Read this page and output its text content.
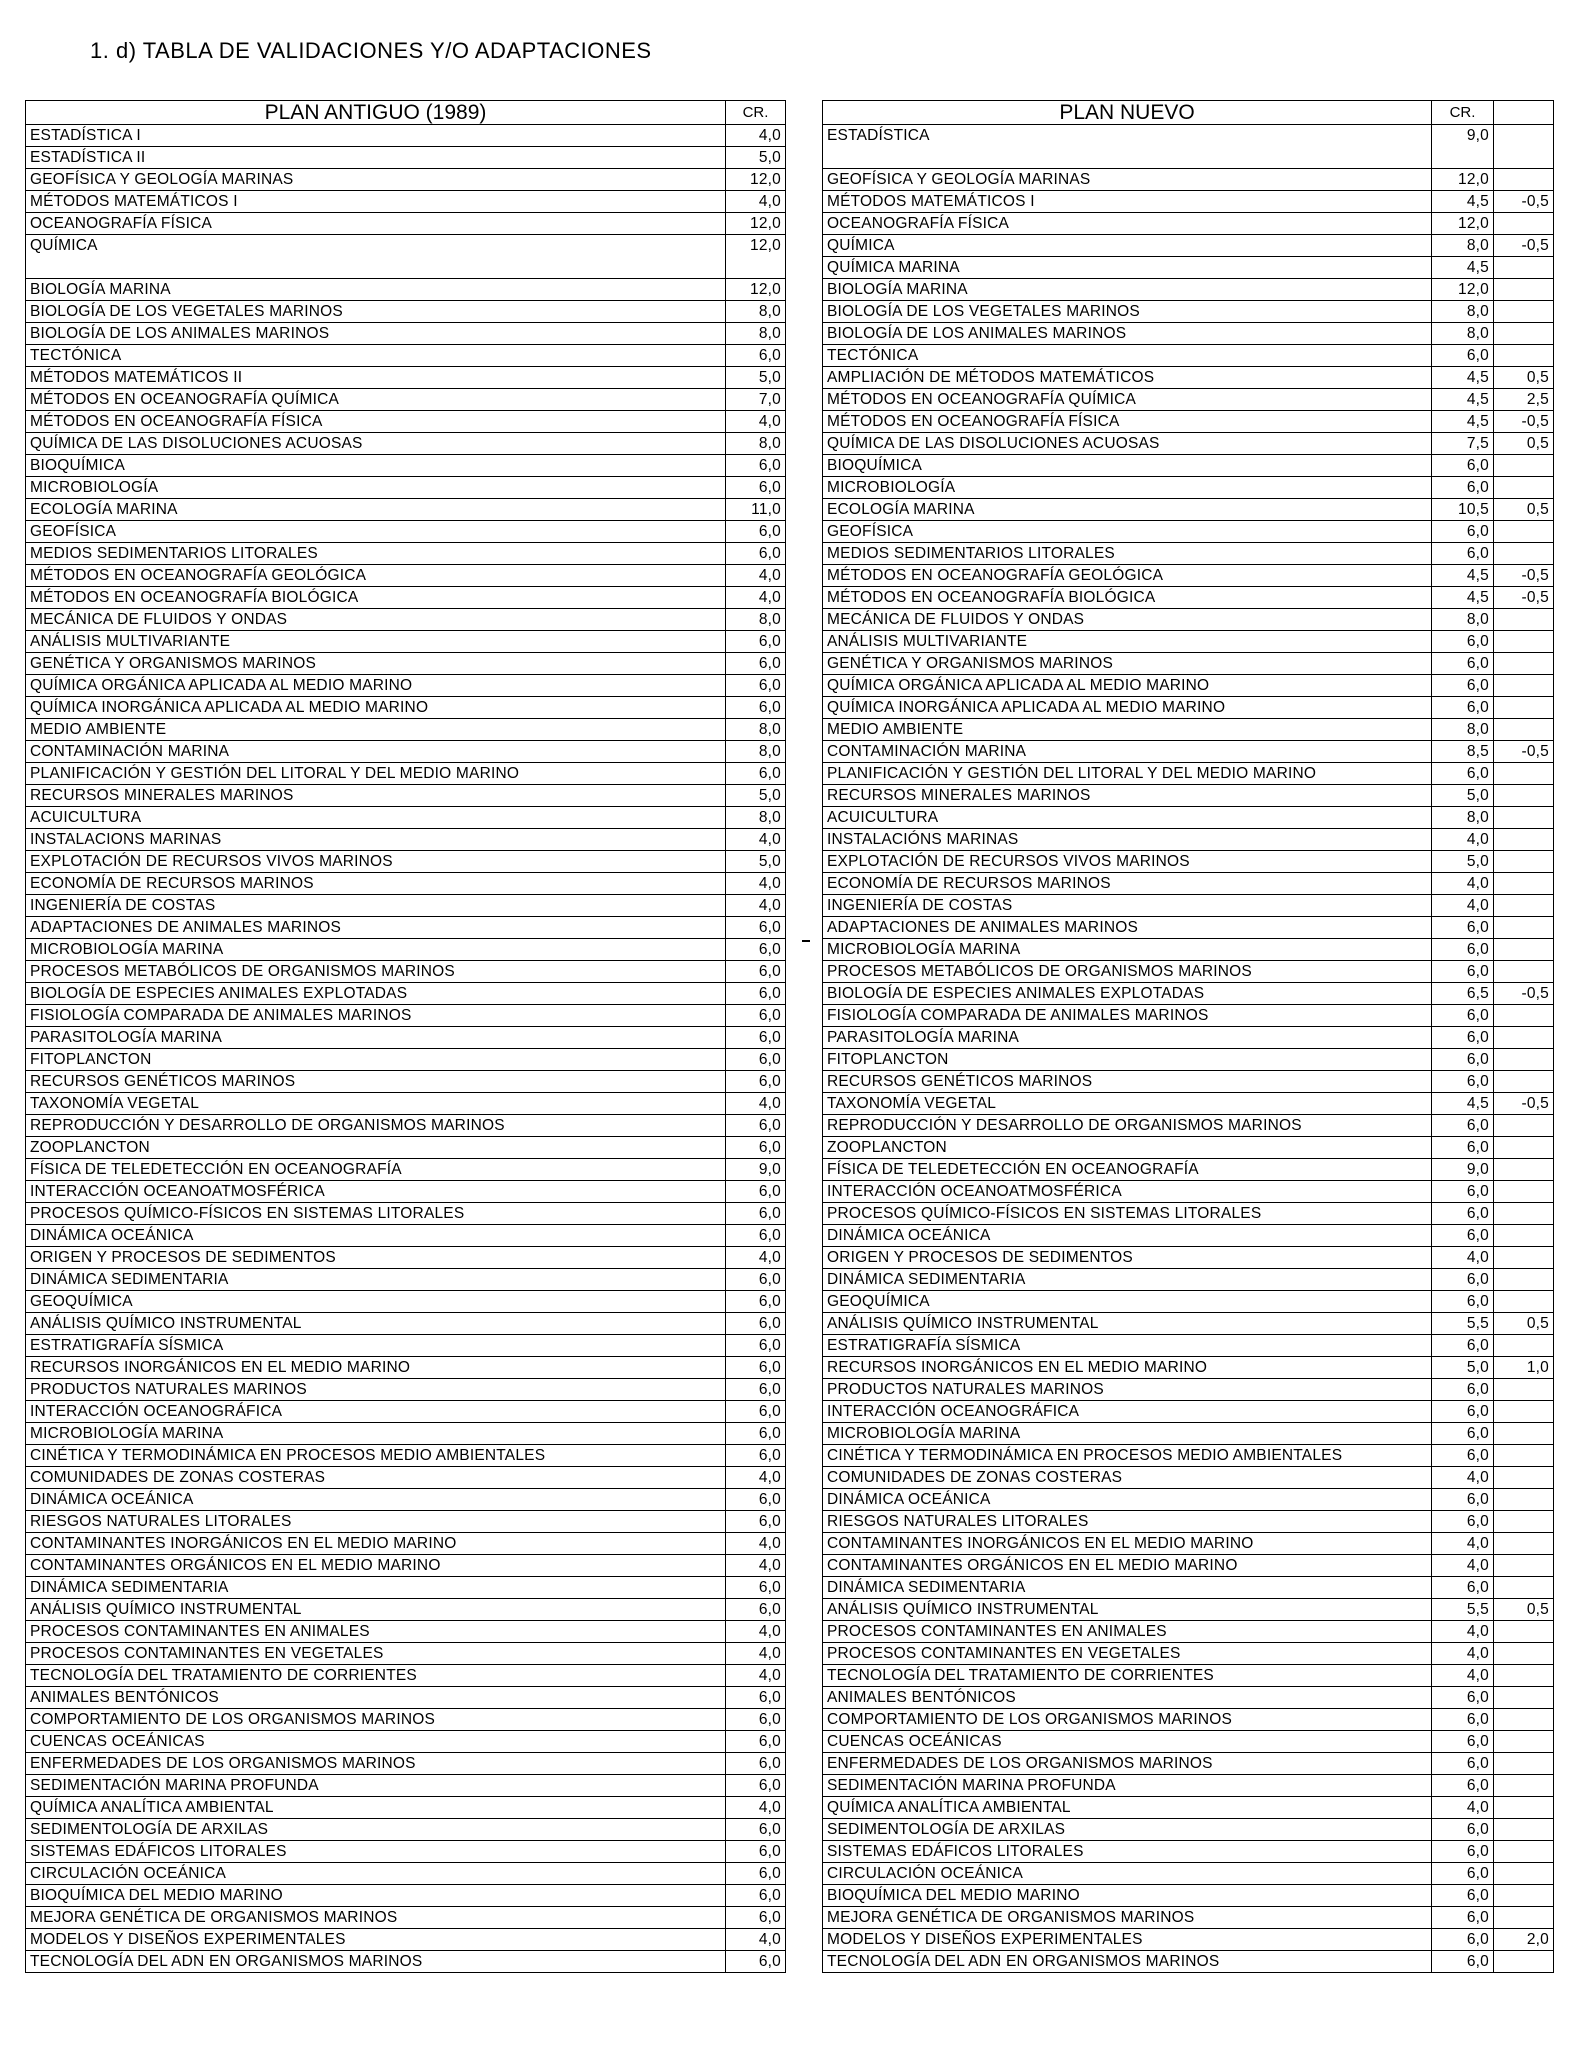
1. d) TABLA DE VALIDACIONES Y/O ADAPTACIONES
PLAN ANTIGUO (1989)	CR.
ESTADÍSTICA I	4,0
ESTADÍSTICA II	5,0
GEOFÍSICA Y GEOLOGÍA MARINAS	12,0
MÉTODOS MATEMÁTICOS I	4,0
OCEANOGRAFÍA FÍSICA	12,0
QUÍMICA	12,0
BIOLOGÍA MARINA	12,0
BIOLOGÍA DE LOS VEGETALES MARINOS	8,0
BIOLOGÍA DE LOS ANIMALES MARINOS	8,0
TECTÓNICA	6,0
MÉTODOS MATEMÁTICOS II	5,0
MÉTODOS EN OCEANOGRAFÍA QUÍMICA	7,0
MÉTODOS EN OCEANOGRAFÍA FÍSICA	4,0
QUÍMICA DE LAS DISOLUCIONES ACUOSAS	8,0
BIOQUÍMICA	6,0
MICROBIOLOGÍA	6,0
ECOLOGÍA MARINA	11,0
GEOFÍSICA	6,0
MEDIOS SEDIMENTARIOS LITORALES	6,0
MÉTODOS EN OCEANOGRAFÍA GEOLÓGICA	4,0
MÉTODOS EN OCEANOGRAFÍA BIOLÓGICA	4,0
MECÁNICA DE FLUIDOS Y ONDAS	8,0
ANÁLISIS MULTIVARIANTE	6,0
GENÉTICA Y ORGANISMOS MARINOS	6,0
QUÍMICA ORGÁNICA APLICADA AL MEDIO MARINO	6,0
QUÍMICA INORGÁNICA APLICADA AL MEDIO MARINO	6,0
MEDIO AMBIENTE	8,0
CONTAMINACIÓN MARINA	8,0
PLANIFICACIÓN Y GESTIÓN DEL LITORAL Y DEL MEDIO MARINO	6,0
RECURSOS MINERALES MARINOS	5,0
ACUICULTURA	8,0
INSTALACIONS MARINAS	4,0
EXPLOTACIÓN DE RECURSOS VIVOS MARINOS	5,0
ECONOMÍA DE RECURSOS MARINOS	4,0
INGENIERÍA DE COSTAS	4,0
ADAPTACIONES DE ANIMALES MARINOS	6,0
MICROBIOLOGÍA MARINA	6,0
PROCESOS METABÓLICOS DE ORGANISMOS MARINOS	6,0
BIOLOGÍA DE ESPECIES ANIMALES EXPLOTADAS	6,0
FISIOLOGÍA COMPARADA DE ANIMALES MARINOS	6,0
PARASITOLOGÍA MARINA	6,0
FITOPLANCTON	6,0
RECURSOS GENÉTICOS MARINOS	6,0
TAXONOMÍA VEGETAL	4,0
REPRODUCCIÓN Y DESARROLLO DE ORGANISMOS MARINOS	6,0
ZOOPLANCTON	6,0
FÍSICA DE TELEDETECCIÓN EN OCEANOGRAFÍA	9,0
INTERACCIÓN OCEANOATMOSFÉRICA	6,0
PROCESOS QUÍMICO-FÍSICOS EN SISTEMAS LITORALES	6,0
DINÁMICA OCEÁNICA	6,0
ORIGEN Y PROCESOS DE SEDIMENTOS	4,0
DINÁMICA SEDIMENTARIA	6,0
GEOQUÍMICA	6,0
ANÁLISIS QUÍMICO INSTRUMENTAL	6,0
ESTRATIGRAFÍA SÍSMICA	6,0
RECURSOS INORGÁNICOS EN EL MEDIO MARINO	6,0
PRODUCTOS NATURALES MARINOS	6,0
INTERACCIÓN OCEANOGRÁFICA	6,0
MICROBIOLOGÍA MARINA	6,0
CINÉTICA Y TERMODINÁMICA EN PROCESOS MEDIO AMBIENTALES	6,0
COMUNIDADES DE ZONAS COSTERAS	4,0
DINÁMICA OCEÁNICA	6,0
RIESGOS NATURALES LITORALES	6,0
CONTAMINANTES INORGÁNICOS EN EL MEDIO MARINO	4,0
CONTAMINANTES ORGÁNICOS EN EL MEDIO MARINO	4,0
DINÁMICA SEDIMENTARIA	6,0
ANÁLISIS QUÍMICO INSTRUMENTAL	6,0
PROCESOS CONTAMINANTES EN ANIMALES	4,0
PROCESOS CONTAMINANTES EN VEGETALES	4,0
TECNOLOGÍA DEL TRATAMIENTO DE CORRIENTES	4,0
ANIMALES BENTÓNICOS	6,0
COMPORTAMIENTO DE LOS ORGANISMOS MARINOS	6,0
CUENCAS OCEÁNICAS	6,0
ENFERMEDADES DE LOS ORGANISMOS MARINOS	6,0
SEDIMENTACIÓN MARINA PROFUNDA	6,0
QUÍMICA ANALÍTICA AMBIENTAL	4,0
SEDIMENTOLOGÍA DE ARXILAS	6,0
SISTEMAS EDÁFICOS LITORALES	6,0
CIRCULACIÓN OCEÁNICA	6,0
BIOQUÍMICA DEL MEDIO MARINO	6,0
MEJORA GENÉTICA DE ORGANISMOS MARINOS	6,0
MODELOS Y DISEÑOS EXPERIMENTALES	4,0
TECNOLOGÍA DEL ADN EN ORGANISMOS MARINOS	6,0
PLAN NUEVO	CR.	
ESTADÍSTICA	9,0	
GEOFÍSICA Y GEOLOGÍA MARINAS	12,0	
MÉTODOS MATEMÁTICOS I	4,5	-0,5
OCEANOGRAFÍA FÍSICA	12,0	
QUÍMICA	8,0	-0,5
QUÍMICA MARINA	4,5	
BIOLOGÍA MARINA	12,0	
BIOLOGÍA DE LOS VEGETALES MARINOS	8,0	
BIOLOGÍA DE LOS ANIMALES MARINOS	8,0	
TECTÓNICA	6,0	
AMPLIACIÓN DE MÉTODOS MATEMÁTICOS	4,5	0,5
MÉTODOS EN OCEANOGRAFÍA QUÍMICA	4,5	2,5
MÉTODOS EN OCEANOGRAFÍA FÍSICA	4,5	-0,5
QUÍMICA DE LAS DISOLUCIONES ACUOSAS	7,5	0,5
BIOQUÍMICA	6,0	
MICROBIOLOGÍA	6,0	
ECOLOGÍA MARINA	10,5	0,5
GEOFÍSICA	6,0	
MEDIOS SEDIMENTARIOS LITORALES	6,0	
MÉTODOS EN OCEANOGRAFÍA GEOLÓGICA	4,5	-0,5
MÉTODOS EN OCEANOGRAFÍA BIOLÓGICA	4,5	-0,5
MECÁNICA DE FLUIDOS Y ONDAS	8,0	
ANÁLISIS MULTIVARIANTE	6,0	
GENÉTICA Y ORGANISMOS MARINOS	6,0	
QUÍMICA ORGÁNICA APLICADA AL MEDIO MARINO	6,0	
QUÍMICA INORGÁNICA APLICADA AL MEDIO MARINO	6,0	
MEDIO AMBIENTE	8,0	
CONTAMINACIÓN MARINA	8,5	-0,5
PLANIFICACIÓN Y GESTIÓN DEL LITORAL Y DEL MEDIO MARINO	6,0	
RECURSOS MINERALES MARINOS	5,0	
ACUICULTURA	8,0	
INSTALACIÓNS MARINAS	4,0	
EXPLOTACIÓN DE RECURSOS VIVOS MARINOS	5,0	
ECONOMÍA DE RECURSOS MARINOS	4,0	
INGENIERÍA DE COSTAS	4,0	
ADAPTACIONES DE ANIMALES MARINOS	6,0	
MICROBIOLOGÍA MARINA	6,0	
PROCESOS METABÓLICOS DE ORGANISMOS MARINOS	6,0	
BIOLOGÍA DE ESPECIES ANIMALES EXPLOTADAS	6,5	-0,5
FISIOLOGÍA COMPARADA DE ANIMALES MARINOS	6,0	
PARASITOLOGÍA MARINA	6,0	
FITOPLANCTON	6,0	
RECURSOS GENÉTICOS MARINOS	6,0	
TAXONOMÍA VEGETAL	4,5	-0,5
REPRODUCCIÓN Y DESARROLLO DE ORGANISMOS MARINOS	6,0	
ZOOPLANCTON	6,0	
FÍSICA DE TELEDETECCIÓN EN OCEANOGRAFÍA	9,0	
INTERACCIÓN OCEANOATMOSFÉRICA	6,0	
PROCESOS QUÍMICO-FÍSICOS EN SISTEMAS LITORALES	6,0	
DINÁMICA OCEÁNICA	6,0	
ORIGEN Y PROCESOS DE SEDIMENTOS	4,0	
DINÁMICA SEDIMENTARIA	6,0	
GEOQUÍMICA	6,0	
ANÁLISIS QUÍMICO INSTRUMENTAL	5,5	0,5
ESTRATIGRAFÍA SÍSMICA	6,0	
RECURSOS INORGÁNICOS EN EL MEDIO MARINO	5,0	1,0
PRODUCTOS NATURALES MARINOS	6,0	
INTERACCIÓN OCEANOGRÁFICA	6,0	
MICROBIOLOGÍA MARINA	6,0	
CINÉTICA Y TERMODINÁMICA EN PROCESOS MEDIO AMBIENTALES	6,0	
COMUNIDADES DE ZONAS COSTERAS	4,0	
DINÁMICA OCEÁNICA	6,0	
RIESGOS NATURALES LITORALES	6,0	
CONTAMINANTES INORGÁNICOS EN EL MEDIO MARINO	4,0	
CONTAMINANTES ORGÁNICOS EN EL MEDIO MARINO	4,0	
DINÁMICA SEDIMENTARIA	6,0	
ANÁLISIS QUÍMICO INSTRUMENTAL	5,5	0,5
PROCESOS CONTAMINANTES EN ANIMALES	4,0	
PROCESOS CONTAMINANTES EN VEGETALES	4,0	
TECNOLOGÍA DEL TRATAMIENTO DE CORRIENTES	4,0	
ANIMALES BENTÓNICOS	6,0	
COMPORTAMIENTO DE LOS ORGANISMOS MARINOS	6,0	
CUENCAS OCEÁNICAS	6,0	
ENFERMEDADES DE LOS ORGANISMOS MARINOS	6,0	
SEDIMENTACIÓN MARINA PROFUNDA	6,0	
QUÍMICA ANALÍTICA AMBIENTAL	4,0	
SEDIMENTOLOGÍA DE ARXILAS	6,0	
SISTEMAS EDÁFICOS LITORALES	6,0	
CIRCULACIÓN OCEÁNICA	6,0	
BIOQUÍMICA DEL MEDIO MARINO	6,0	
MEJORA GENÉTICA DE ORGANISMOS MARINOS	6,0	
MODELOS Y DISEÑOS EXPERIMENTALES	6,0	2,0
TECNOLOGÍA DEL ADN EN ORGANISMOS MARINOS	6,0	
